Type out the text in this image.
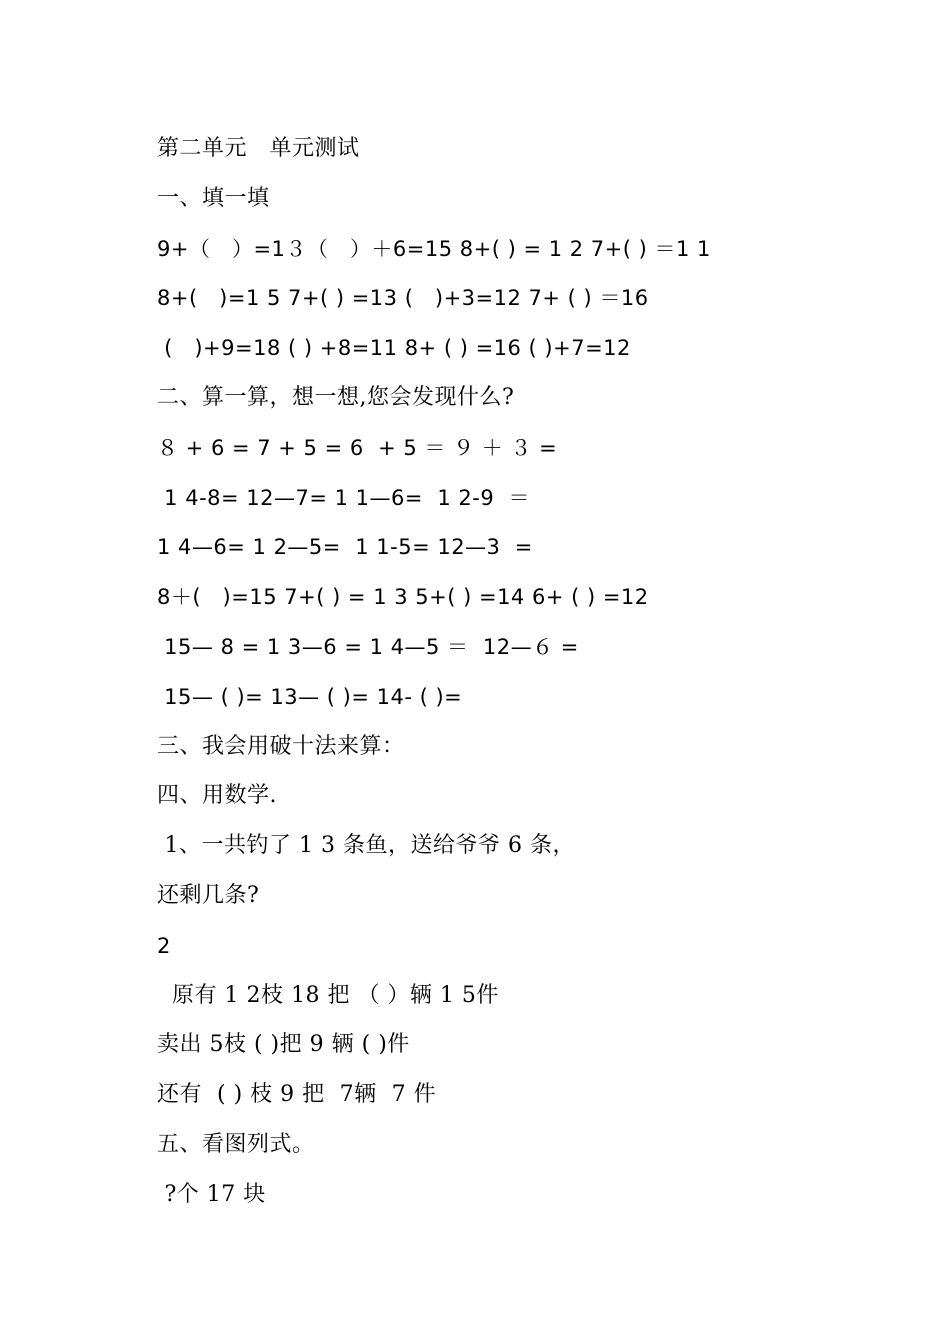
第二单元　单元测试
一、填一填
9+（　）=1３（　）＋6=15 8+( ) = 1 2 7+( ) ＝1 1
8+(　)=1 5 7+( ) =13 (　)+3=12 7+ ( ) ＝16
(　)+9=18 ( ) +8=11 8+ ( ) =16 ( )+7=12
二、算一算，想一想,您会发现什么?
８ + 6 = 7 + 5 = 6  + 5 ＝ ９ ＋ ３ =
1 4-8= 12—7= 1 1—6=  1 2-9  ＝
1 4—6= 1 2—5=  1 1-5= 12—3  =
8＋(　)=15 7+( ) = 1 3 5+( ) =14 6+ ( ) =12
15— 8 = 1 3—6 = 1 4—5 ＝  12—６ =
15— ( )= 13— ( )= 14- ( )=
三、我会用破十法来算：
四、用数学.
1、一共钓了 1 3 条鱼，送给爷爷 6 条，
还剩几条?
2
原有 1 2枝 18 把 （ ）辆 1 5件
卖出 5枝 ( )把 9 辆 ( )件
还有  ( ) 枝 9 把  7辆  7 件
五、看图列式。
?个 17 块
